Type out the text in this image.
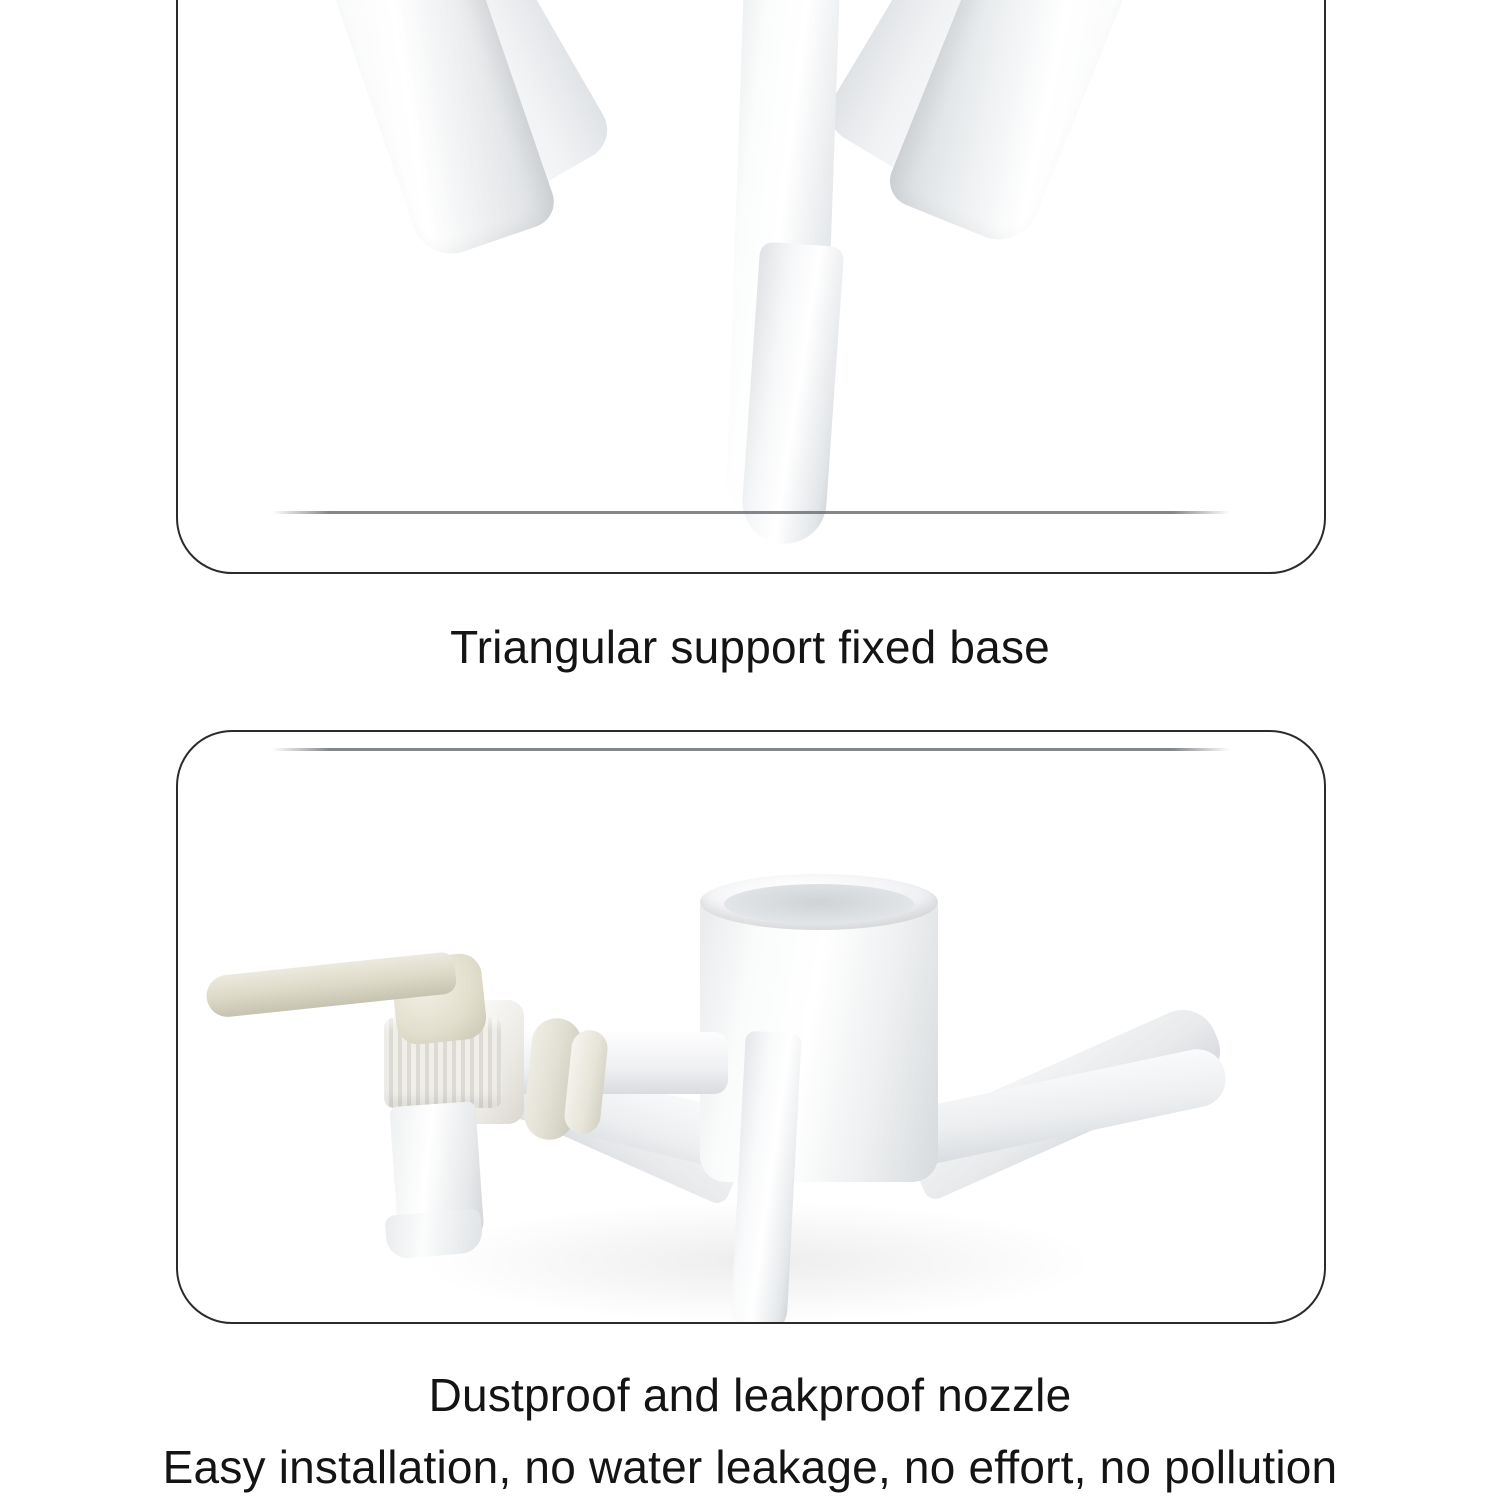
Triangular support fixed base
Dustproof and leakproof nozzle
Easy installation, no water leakage, no effort, no pollution
